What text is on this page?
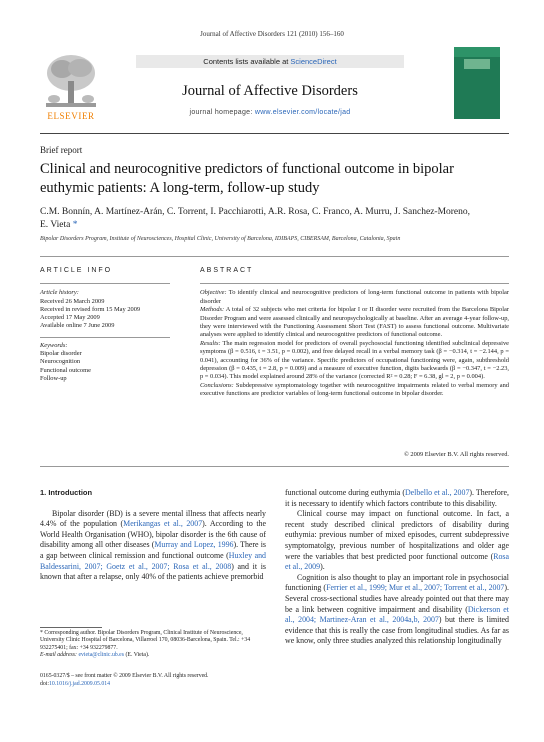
Journal of Affective Disorders 121 (2010) 156–160
ELSEVIER
Contents lists available at ScienceDirect
Journal of Affective Disorders
journal homepage: www.elsevier.com/locate/jad
Brief report
Clinical and neurocognitive predictors of functional outcome in bipolar euthymic patients: A long-term, follow-up study
C.M. Bonnín, A. Martínez-Arán, C. Torrent, I. Pacchiarotti, A.R. Rosa, C. Franco, A. Murru, J. Sanchez-Moreno, E. Vieta *
Bipolar Disorders Program, Institute of Neurosciences, Hospital Clinic, University of Barcelona, IDIBAPS, CIBERSAM, Barcelona, Catalonia, Spain
ARTICLE INFO
Article history:
Received 26 March 2009
Received in revised form 15 May 2009
Accepted 17 May 2009
Available online 7 June 2009
Keywords:
Bipolar disorder
Neurocognition
Functional outcome
Follow-up
ABSTRACT

Objective: To identify clinical and neurocognitive predictors of long-term functional outcome in patients with bipolar disorder

Methods: A total of 32 subjects who met criteria for bipolar I or II disorder were recruited from the Barcelona Bipolar Disorder Program and were assessed clinically and neuropsychologically at baseline. After an average 4-year follow-up, they were interviewed with the Functioning Assessment Short Test (FAST) to assess functional outcome. Multivariate analyses were applied to identify clinical and neurocognitive predictors of functional outcome.

Results: The main regression model for predictors of overall psychosocial functioning identified subclinical depressive symptoms (β = 0.516, t = 3.51, p = 0.002), and free delayed recall in a verbal memory task (β = −0.314, t = −2.144, p = 0.041), accounting for 36% of the variance. Specific predictors of occupational functioning were, again, subthreshold depression (β = 0.435, t = 2.8, p = 0.009) and a measure of executive function, digits backwards (β = −0.347, t = −2.23, p = 0.034). This model explained around 28% of the variance (corrected R² = 0.28; F = 6.38, gl = 2, p = 0.004).

Conclusions: Subdepressive symptomatology together with neurocognitive impairments related to verbal memory and executive functions are predictor variables of long-term functional outcome in bipolar disorder.

© 2009 Elsevier B.V. All rights reserved.
1. Introduction

Bipolar disorder (BD) is a severe mental illness that affects nearly 4.4% of the population (Merikangas et al., 2007). According to the World Health Organisation (WHO), bipolar disorder is the 6th cause of disability among all other diseases (Murray and Lopez, 1996). There is a gap between clinical remission and functional outcome (Huxley and Baldessarini, 2007; Goetz et al., 2007; Rosa et al., 2008) and it is known that after a relapse, only 40% of the patients achieve premorbid

* Corresponding author. Bipolar Disorders Program, Clinical Institute of Neuroscience, University Clinic Hospital of Barcelona, Villarroel 170, 08036-Barcelona, Spain. Tel.: +34 932275401; fax: +34 932279877.

E-mail address: evieta@clinic.ub.es (E. Vieta).

0165-0327/$ – see front matter © 2009 Elsevier B.V. All rights reserved.
doi:10.1016/j.jad.2009.05.014

functional outcome during euthymia (Delbello et al., 2007). Therefore, it is necessary to identify which factors contribute to this disability.

Clinical course may impact on functional outcome. In fact, a recent study described clinical predictors of disability during euthymia: previous number of mixed episodes, current subdepressive symptomatolgy, previous number of hospitalizations and older age were the variables that best predicted poor functional outcome (Rosa et al., 2009).

Cognition is also thought to play an important role in psychosocial functioning (Ferrier et al., 1999; Mur et al., 2007; Torrent et al., 2007). Several cross-sectional studies have already pointed out that there may be a link between cognitive impairment and disability (Dickerson et al., 2004; Martinez-Aran et al., 2004a,b, 2007) but there is limited evidence that this is really the case from longitudinal studies. As far as we know, only three studies analyzed this relationship longitudinally
